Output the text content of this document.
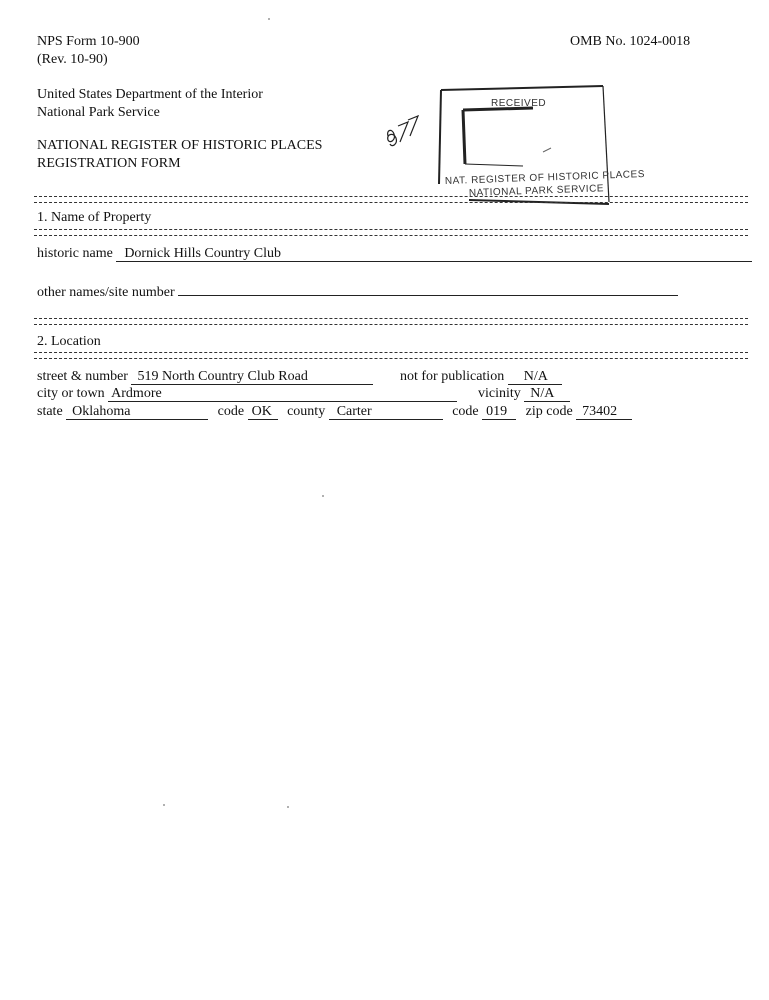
NPS Form 10-900
(Rev. 10-90)
OMB No. 1024-0018
United States Department of the Interior
National Park Service
NATIONAL REGISTER OF HISTORIC PLACES
REGISTRATION FORM
RECEIVED
NAT. REGISTER OF HISTORIC PLACES
NATIONAL PARK SERVICE
1. Name of Property
historic name Dornick Hills Country Club
other names/site number
2. Location
street & number 519 North Country Club Road	not for publication N/A
city or town Ardmore	vicinity N/A
state Oklahoma	code OK county Carter	code 019 zip code 73402
